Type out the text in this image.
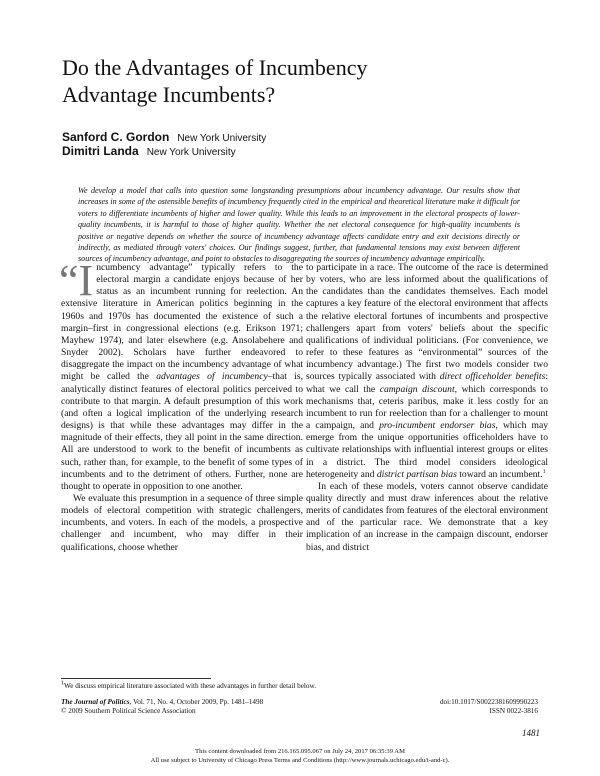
Do the Advantages of Incumbency
Advantage Incumbents?
Sanford C. Gordon New York University
Dimitri Landa New York University

We develop a model that calls into question some longstanding presumptions about incumbency advantage. Our results show that increases in some of the ostensible benefits of incumbency frequently cited in the empirical and theoretical literature make it difficult for voters to differentiate incumbents of higher and lower quality. While this leads to an improvement in the electoral prospects of lower-quality incumbents, it is harmful to those of higher quality. Whether the net electoral consequence for high-quality incumbents is positive or negative depends on whether the source of incumbency advantage affects candidate entry and exit decisions directly or indirectly, as mediated through voters' choices. Our findings suggest, further, that fundamental tensions may exist between different sources of incumbency advantage, and point to obstacles to disaggregating the sources of incumbency advantage empirically.

“Incumbency advantage” typically refers to the electoral margin a candidate enjoys because of her status as an incumbent running for reelection. An extensive literature in American politics beginning in the 1960s and 1970s has documented the existence of such a margin–first in congressional elections (e.g. Erikson 1971; Mayhew 1974), and later elsewhere (e.g. Ansolabehere and Snyder 2002). Scholars have further endeavored to disaggregate the impact on the incumbency advantage of what might be called the advantages of incumbency–that is, analytically distinct features of electoral politics perceived to contribute to that margin. A default presumption of this work (and often a logical implication of the underlying research designs) is that while these advantages may differ in the magnitude of their effects, they all point in the same direction. All are understood to work to the benefit of incumbents as such, rather than, for example, to the benefit of some types of incumbents and to the detriment of others. Further, none are thought to operate in opposition to one another.

We evaluate this presumption in a sequence of three simple models of electoral competition with strategic challengers, incumbents, and voters. In each of the models, a prospective challenger and incumbent, who may differ in their qualifications, choose whether

to participate in a race. The outcome of the race is determined by voters, who are less informed about the qualifications of the candidates than the candidates themselves. Each model captures a key feature of the electoral environment that affects the relative electoral fortunes of incumbents and prospective challengers apart from voters' beliefs about the specific qualifications of individual politicians. (For convenience, we refer to these features as “environmental” sources of the incumbency advantage.) The first two models consider two sources typically associated with direct officeholder benefits: what we call the campaign discount, which corresponds to mechanisms that, ceteris paribus, make it less costly for an incumbent to run for reelection than for a challenger to mount a campaign, and pro-incumbent endorser bias, which may emerge from the unique opportunities officeholders have to cultivate relationships with influential interest groups or elites in a district. The third model considers ideological heterogeneity and district partisan bias toward an incumbent.$^1$

In each of these models, voters cannot observe candidate quality directly and must draw inferences about the relative merits of candidates from features of the electoral environment and of the particular race. We demonstrate that a key implication of an increase in the campaign discount, endorser bias, and district

$^1$We discuss empirical literature associated with these advantages in further detail below.
The Journal of Politics, Vol. 71, No. 4, October 2009, Pp. 1481–1498
© 2009 Southern Political Science Association
doi:10.1017/S0022381609990223
ISSN 0022-3816
1481
This content downloaded from 216.165.095.067 on July 24, 2017 06:35:39 AM
All use subject to University of Chicago Press Terms and Conditions (http://www.journals.uchicago.edu/t-and-c).
